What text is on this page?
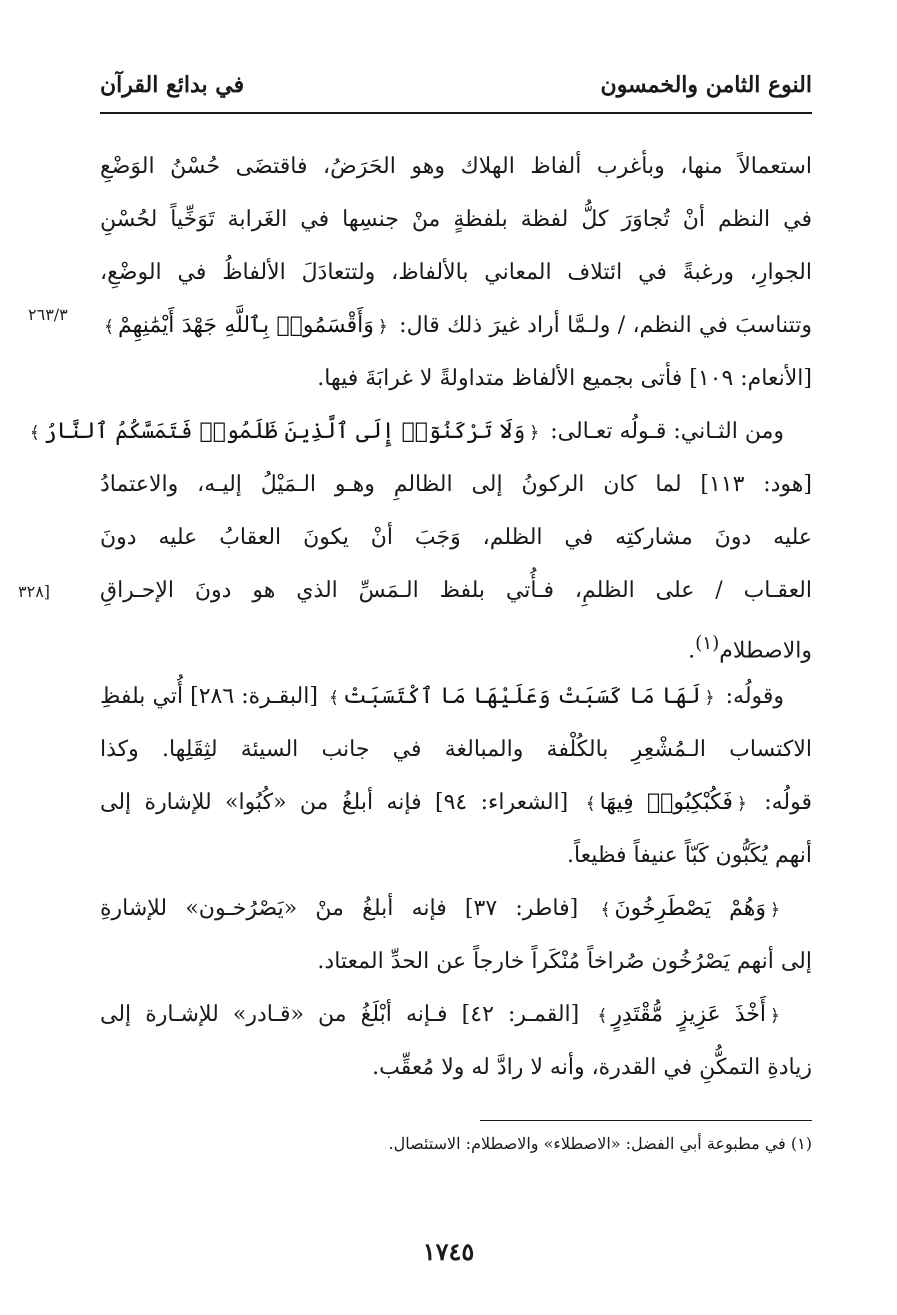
النوع الثامن والخمسون
في بدائع القرآن
٢٦٣/٣
[٣٢٨
استعمالاً منها، وبأغرب ألفاظ الهلاك وهو الحَرَضُ، فاقتضَى حُسْنُ الوَضْعِ
في النظم أنْ تُجاوَرَ كلُّ لفظة بلفظةٍ منْ جنسِها في الغَرابة تَوَخِّياً لحُسْنِ
الجوارِ، ورغبةً في ائتلاف المعاني بالألفاظ، ولتتعادَلَ الألفاظُ في الوضْعِ،
وتتناسبَ في النظم، / ولـمَّا أراد غيرَ ذلك قال: ﴿وَأَقْسَمُوا۟ بِٱللَّهِ جَهْدَ أَيْمَٰنِهِمْ﴾
[الأنعام: ١٠٩] فأتى بجميع الألفاظ متداولةً لا غرابَةَ فيها.
ومن الثـاني: قـولُه تعـالى: ﴿وَلَا تَرْكَنُوٓا۟ إِلَى ٱلَّذِينَ ظَلَمُوا۟ فَتَمَسَّكُمُ ٱلنَّارُ﴾
[هود: ١١٣] لما كان الركونُ إلى الظالمِ وهـو الـمَيْلُ إليـه، والاعتمادُ
عليه دونَ مشاركتِه في الظلم، وَجَبَ أنْ يكونَ العقابُ عليه دونَ
العقـاب / على الظلمِ، فـأُتي بلفظ الـمَسِّ الذي هو دونَ الإحـراقِ
والاصطلام$^{(١)}$.
وقولُه: ﴿لَهَا مَا كَسَبَتْ وَعَلَيْهَا مَا ٱكْتَسَبَتْ﴾ [البقـرة: ٢٨٦] أُتي بلفظِ
الاكتساب الـمُشْعِرِ بالكُلْفة والمبالغة في جانب السيئة لثِقَلِها. وكذا
قولُه: ﴿فَكُبْكِبُوا۟ فِيهَا﴾ [الشعراء: ٩٤] فإنه أبلغُ من «كُبُوا» للإشارة إلى
أنهم يُكَبُّون كَبّاً عنيفاً فظيعاً.
﴿وَهُمْ يَصْطَرِخُونَ﴾ [فاطر: ٣٧] فإنه أبلغُ منْ «يَصْرُخـون» للإشارةِ
إلى أنهم يَصْرُخُون صُراخاً مُنْكَراً خارجاً عن الحدِّ المعتاد.
﴿أَخْذَ عَزِيزٍ مُّقْتَدِرٍ﴾ [القمـر: ٤٢] فـإنه أبْلَغُ من «قـادر» للإشـارة إلى
زيادةِ التمكُّنِ في القدرة، وأنه لا رادَّ له ولا مُعقِّب.
(١) في مطبوعة أبي الفضل: «الاصطلاء» والاصطلام: الاستئصال.
١٧٤٥
